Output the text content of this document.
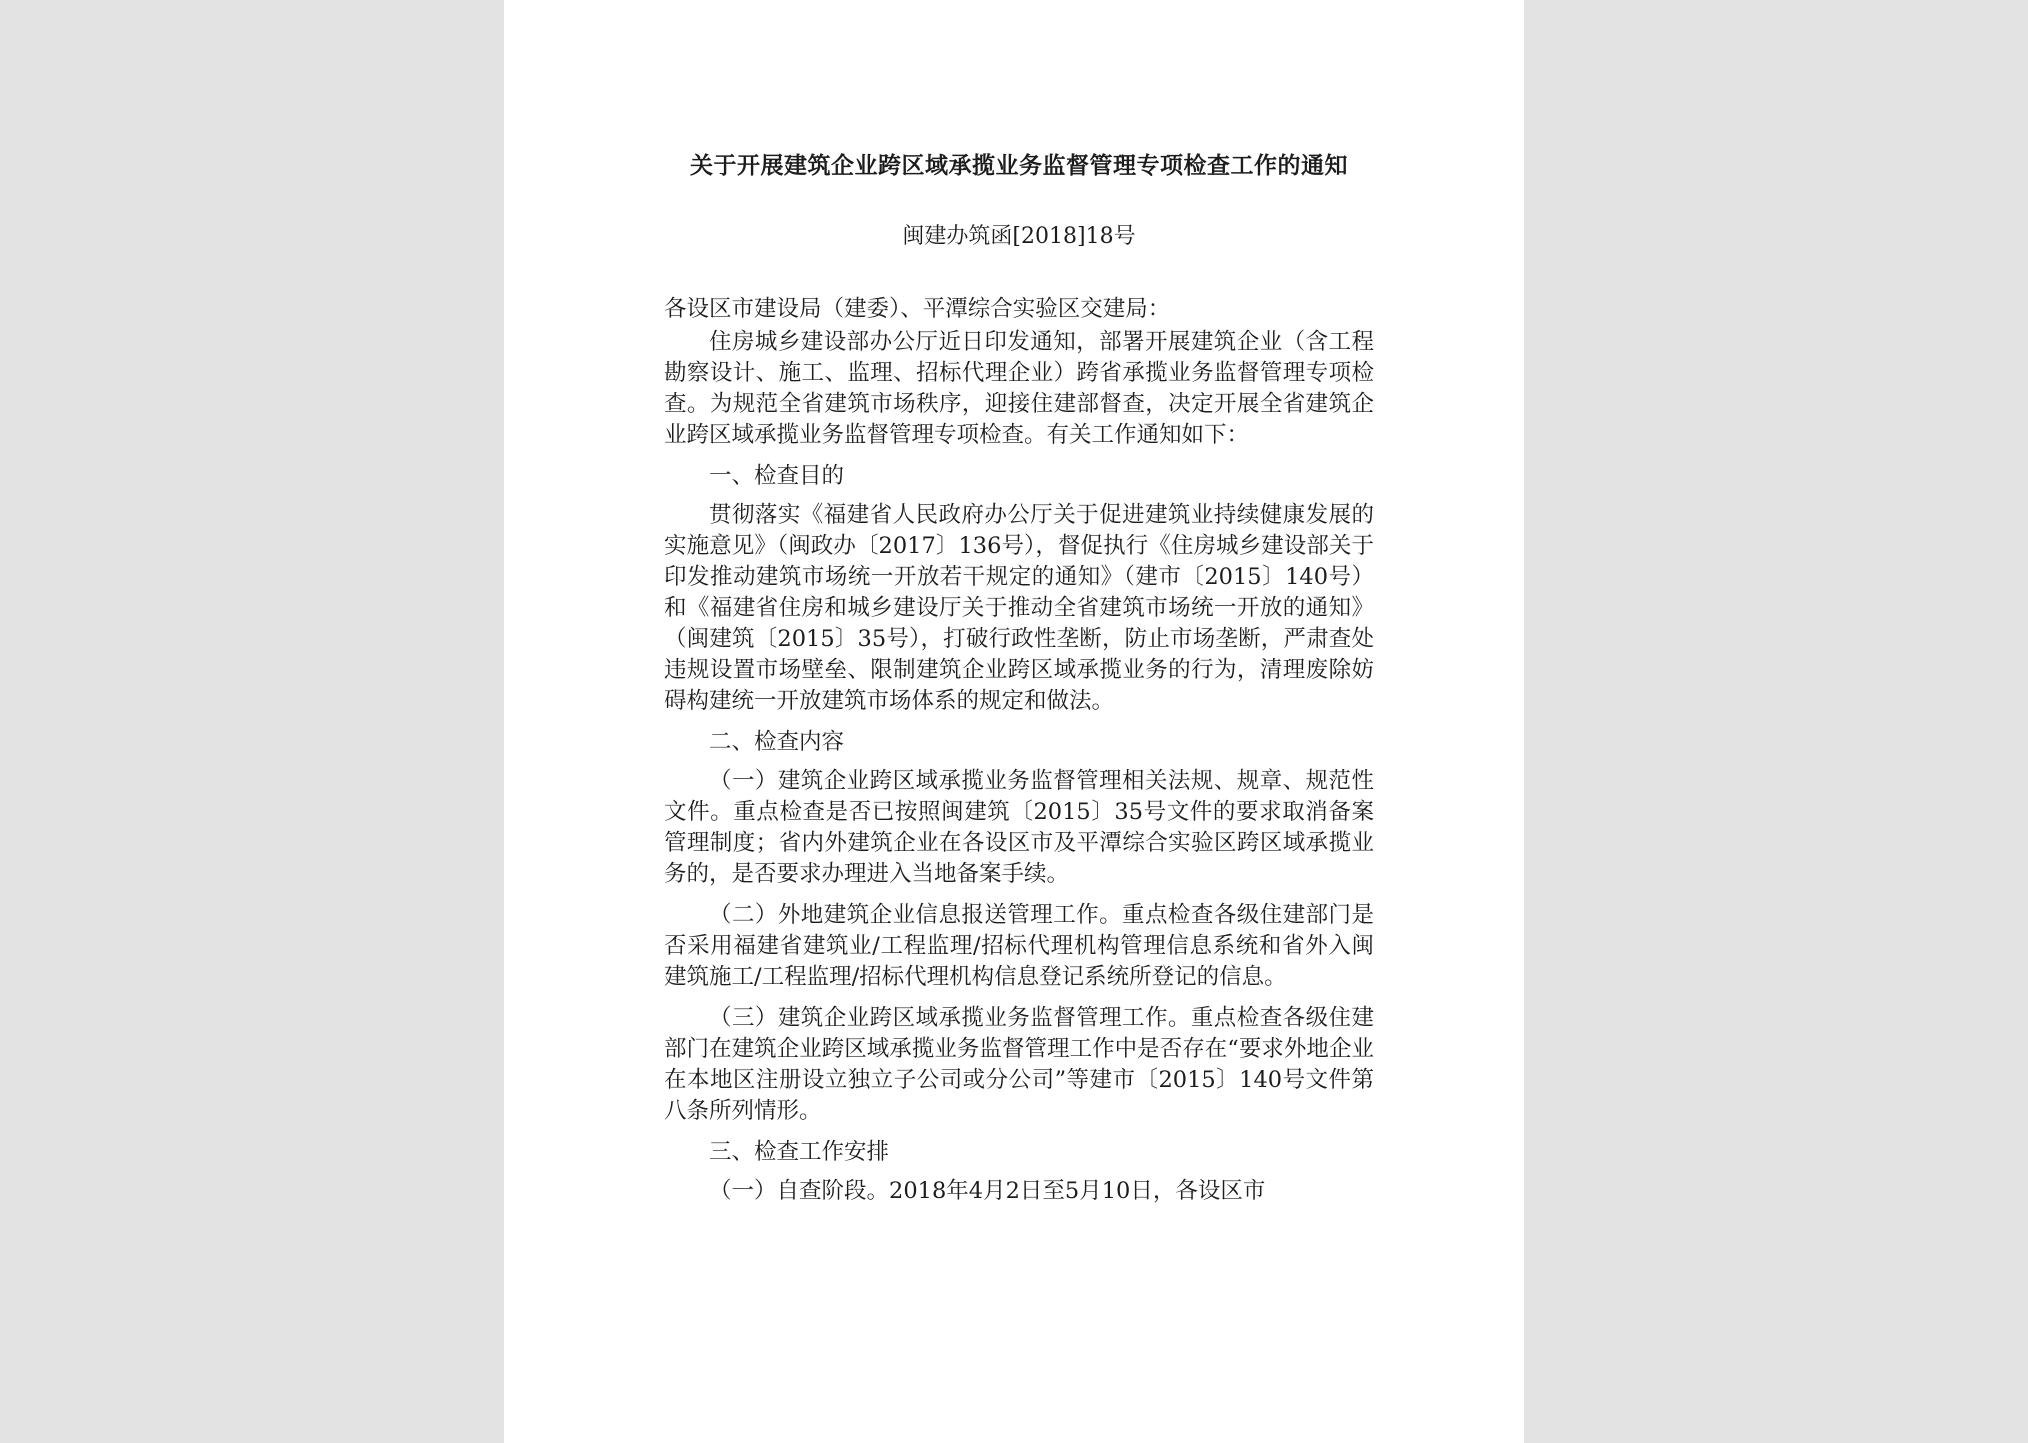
关于开展建筑企业跨区域承揽业务监督管理专项检查工作的通知
闽建办筑函[2018]18号
各设区市建设局（建委）、平潭综合实验区交建局：

住房城乡建设部办公厅近日印发通知，部署开展建筑企业（含工程勘察设计、施工、监理、招标代理企业）跨省承揽业务监督管理专项检查。为规范全省建筑市场秩序，迎接住建部督查，决定开展全省建筑企业跨区域承揽业务监督管理专项检查。有关工作通知如下：

一、检查目的

贯彻落实《福建省人民政府办公厅关于促进建筑业持续健康发展的实施意见》（闽政办〔2017〕136号），督促执行《住房城乡建设部关于印发推动建筑市场统一开放若干规定的通知》（建市〔2015〕140号）和《福建省住房和城乡建设厅关于推动全省建筑市场统一开放的通知》（闽建筑〔2015〕35号），打破行政性垄断，防止市场垄断，严肃查处违规设置市场壁垒、限制建筑企业跨区域承揽业务的行为，清理废除妨碍构建统一开放建筑市场体系的规定和做法。

二、检查内容

（一）建筑企业跨区域承揽业务监督管理相关法规、规章、规范性文件。重点检查是否已按照闽建筑〔2015〕35号文件的要求取消备案管理制度；省内外建筑企业在各设区市及平潭综合实验区跨区域承揽业务的，是否要求办理进入当地备案手续。

（二）外地建筑企业信息报送管理工作。重点检查各级住建部门是否采用福建省建筑业/工程监理/招标代理机构管理信息系统和省外入闽建筑施工/工程监理/招标代理机构信息登记系统所登记的信息。

（三）建筑企业跨区域承揽业务监督管理工作。重点检查各级住建部门在建筑企业跨区域承揽业务监督管理工作中是否存在“要求外地企业在本地区注册设立独立子公司或分公司”等建市〔2015〕140号文件第八条所列情形。

三、检查工作安排

（一）自查阶段。2018年4月2日至5月10日，各设区市
